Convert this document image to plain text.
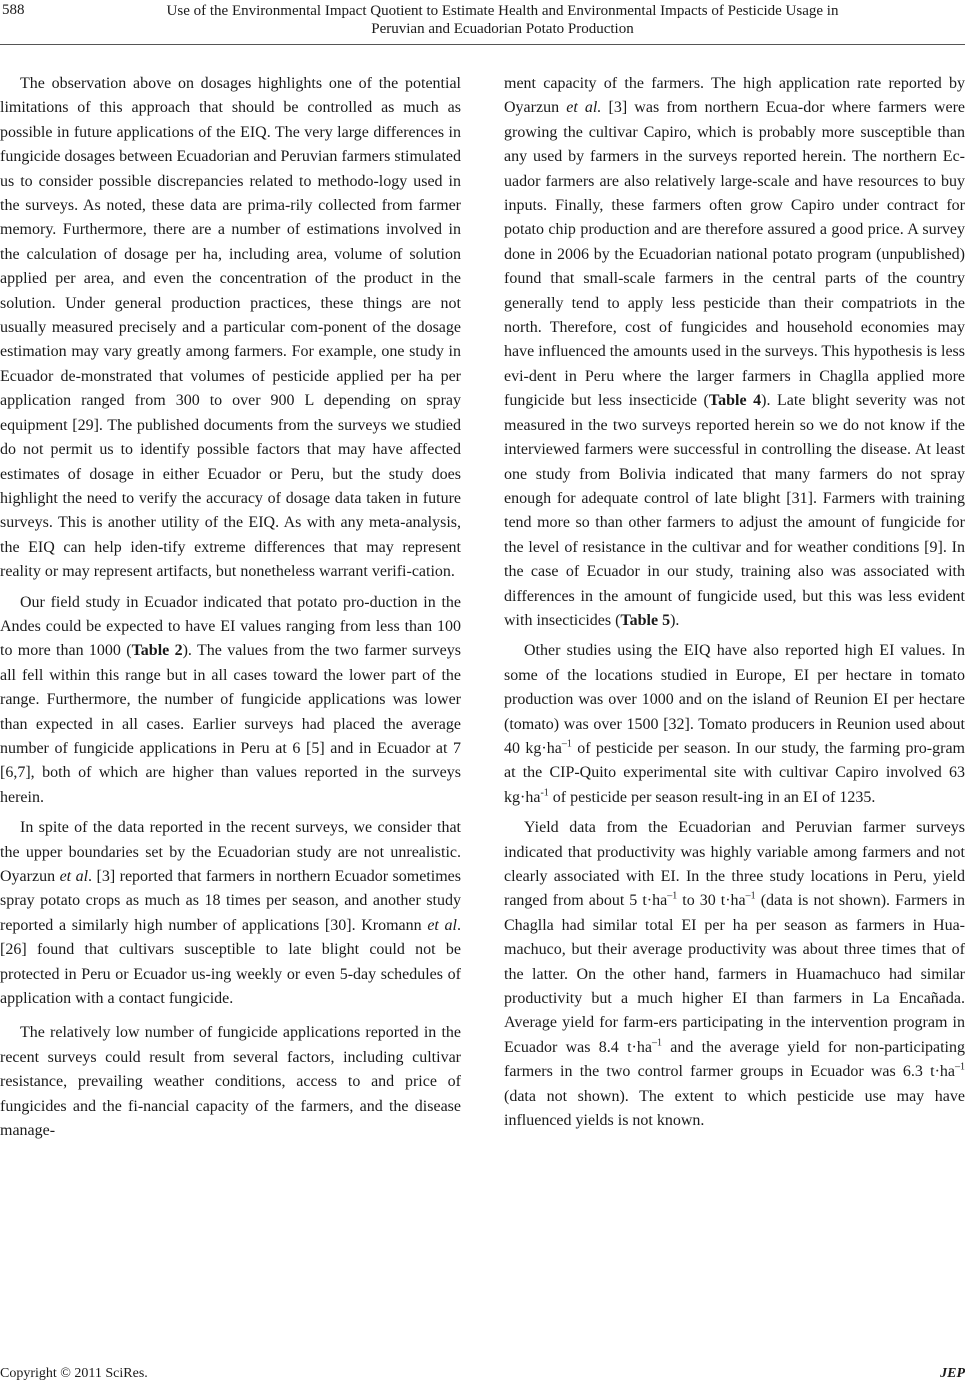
588	Use of the Environmental Impact Quotient to Estimate Health and Environmental Impacts of Pesticide Usage in
Peruvian and Ecuadorian Potato Production

The observation above on dosages highlights one of the potential limitations of this approach that should be controlled as much as possible in future applications of the EIQ. The very large differences in fungicide dosages between Ecuadorian and Peruvian farmers stimulated us to consider possible discrepancies related to methodo-logy used in the surveys. As noted, these data are prima-rily collected from farmer memory. Furthermore, there are a number of estimations involved in the calculation of dosage per ha, including area, volume of solution applied per area, and even the concentration of the product in the solution. Under general production practices, these things are not usually measured precisely and a particular com-ponent of the dosage estimation may vary greatly among farmers. For example, one study in Ecuador de-monstrated that volumes of pesticide applied per ha per application ranged from 300 to over 900 L depending on spray equipment [29]. The published documents from the surveys we studied do not permit us to identify possible factors that may have affected estimates of dosage in either Ecuador or Peru, but the study does highlight the need to verify the accuracy of dosage data taken in future surveys. This is another utility of the EIQ. As with any meta-analysis, the EIQ can help iden-tify extreme differences that may represent reality or may represent artifacts, but nonetheless warrant verifi-cation.

Our field study in Ecuador indicated that potato pro-duction in the Andes could be expected to have EI values ranging from less than 100 to more than 1000 (Table 2). The values from the two farmer surveys all fell within this range but in all cases toward the lower part of the range. Furthermore, the number of fungicide applications was lower than expected in all cases. Earlier surveys had placed the average number of fungicide applications in Peru at 6 [5] and in Ecuador at 7 [6,7], both of which are higher than values reported in the surveys herein.

In spite of the data reported in the recent surveys, we consider that the upper boundaries set by the Ecuadorian study are not unrealistic. Oyarzun et al. [3] reported that farmers in northern Ecuador sometimes spray potato crops as much as 18 times per season, and another study reported a similarly high number of applications [30]. Kromann et al. [26] found that cultivars susceptible to late blight could not be protected in Peru or Ecuador us-ing weekly or even 5-day schedules of application with a contact fungicide.

The relatively low number of fungicide applications reported in the recent surveys could result from several factors, including cultivar resistance, prevailing weather conditions, access to and price of fungicides and the fi-nancial capacity of the farmers, and the disease manage-

ment capacity of the farmers. The high application rate reported by Oyarzun et al. [3] was from northern Ecua-dor where farmers were growing the cultivar Capiro, which is probably more susceptible than any used by farmers in the surveys reported herein. The northern Ec-uador farmers are also relatively large-scale and have resources to buy inputs. Finally, these farmers often grow Capiro under contract for potato chip production and are therefore assured a good price. A survey done in 2006 by the Ecuadorian national potato program (unpublished) found that small-scale farmers in the central parts of the country generally tend to apply less pesticide than their compatriots in the north. Therefore, cost of fungicides and household economies may have influenced the amounts used in the surveys. This hypothesis is less evi-dent in Peru where the larger farmers in Chaglla applied more fungicide but less insecticide (Table 4). Late blight severity was not measured in the two surveys reported herein so we do not know if the interviewed farmers were successful in controlling the disease. At least one study from Bolivia indicated that many farmers do not spray enough for adequate control of late blight [31]. Farmers with training tend more so than other farmers to adjust the amount of fungicide for the level of resistance in the cultivar and for weather conditions [9]. In the case of Ecuador in our study, training also was associated with differences in the amount of fungicide used, but this was less evident with insecticides (Table 5).

Other studies using the EIQ have also reported high EI values. In some of the locations studied in Europe, EI per hectare in tomato production was over 1000 and on the island of Reunion EI per hectare (tomato) was over 1500 [32]. Tomato producers in Reunion used about 40 $kg\cdot ha^{-1}$ of pesticide per season. In our study, the farming pro-gram at the CIP-Quito experimental site with cultivar Capiro involved 63 $kg\cdot ha^{-1}$ of pesticide per season result-ing in an EI of 1235.

Yield data from the Ecuadorian and Peruvian farmer surveys indicated that productivity was highly variable among farmers and not clearly associated with EI. In the three study locations in Peru, yield ranged from about 5 $t\cdot ha^{-1}$ to 30 $t\cdot ha^{-1}$ (data is not shown). Farmers in Chaglla had similar total EI per ha per season as farmers in Hua-machuco, but their average productivity was about three times that of the latter. On the other hand, farmers in Huamachuco had similar productivity but a much higher EI than farmers in La Encañada. Average yield for farm-ers participating in the intervention program in Ecuador was 8.4 $t\cdot ha^{-1}$ and the average yield for non-participating farmers in the two control farmer groups in Ecuador was 6.3 $t\cdot ha^{-1}$ (data not shown). The extent to which pesticide use may have influenced yields is not known.

Copyright © 2011 SciRes.	JEP
